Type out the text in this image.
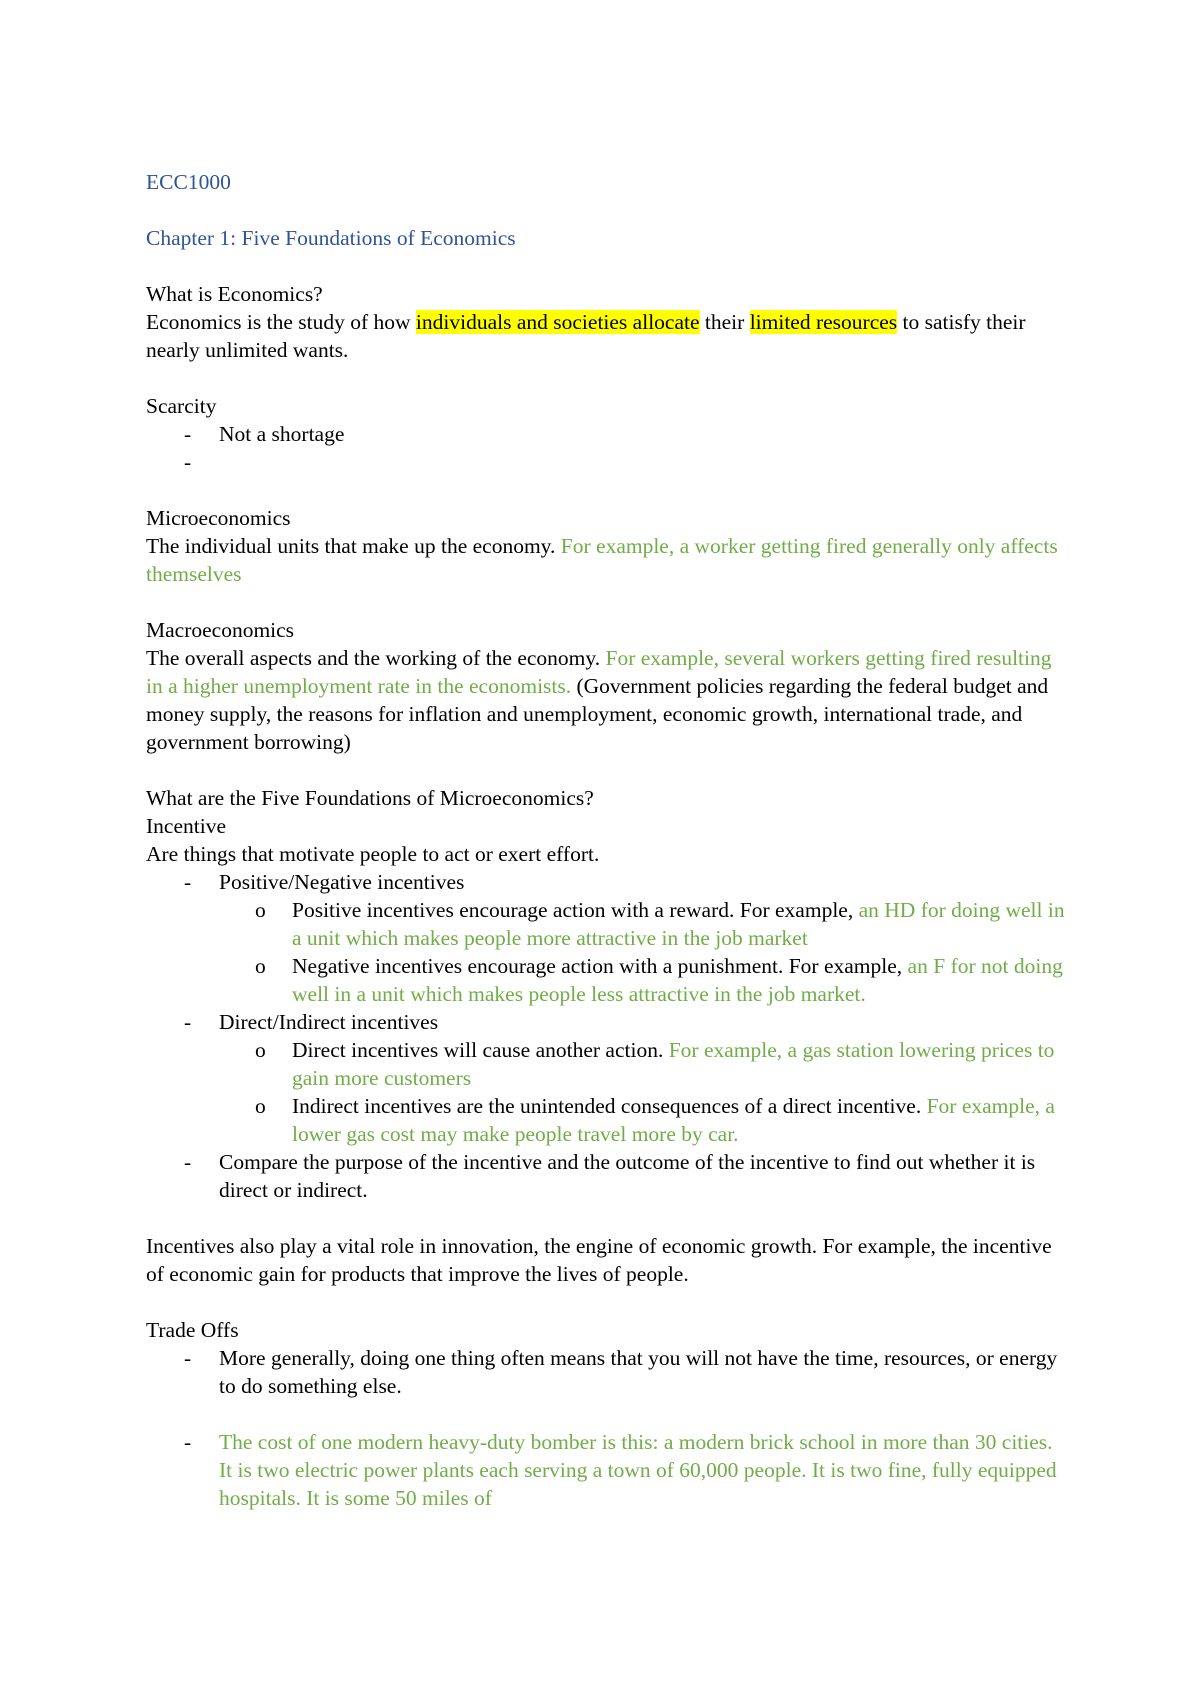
ECC1000
Chapter 1: Five Foundations of Economics
What is Economics?
Economics is the study of how individuals and societies allocate their limited resources to satisfy their nearly unlimited wants.
Scarcity
- Not a shortage
-

Microeconomics
The individual units that make up the economy. For example, a worker getting fired generally only affects themselves
Macroeconomics
The overall aspects and the working of the economy. For example, several workers getting fired resulting in a higher unemployment rate in the economists. (Government policies regarding the federal budget and money supply, the reasons for inflation and unemployment, economic growth, international trade, and government borrowing)
What are the Five Foundations of Microeconomics?
Incentive
Are things that motivate people to act or exert effort.
- Positive/Negative incentives
o Positive incentives encourage action with a reward. For example, an HD for doing well in a unit which makes people more attractive in the job market
o Negative incentives encourage action with a punishment. For example, an F for not doing well in a unit which makes people less attractive in the job market.
- Direct/Indirect incentives
o Direct incentives will cause another action. For example, a gas station lowering prices to gain more customers
o Indirect incentives are the unintended consequences of a direct incentive. For example, a lower gas cost may make people travel more by car.
- Compare the purpose of the incentive and the outcome of the incentive to find out whether it is direct or indirect.
Incentives also play a vital role in innovation, the engine of economic growth. For example, the incentive of economic gain for products that improve the lives of people.
Trade Offs
- More generally, doing one thing often means that you will not have the time, resources, or energy to do something else.
- The cost of one modern heavy-duty bomber is this: a modern brick school in more than 30 cities. It is two electric power plants each serving a town of 60,000 people. It is two fine, fully equipped hospitals. It is some 50 miles of
